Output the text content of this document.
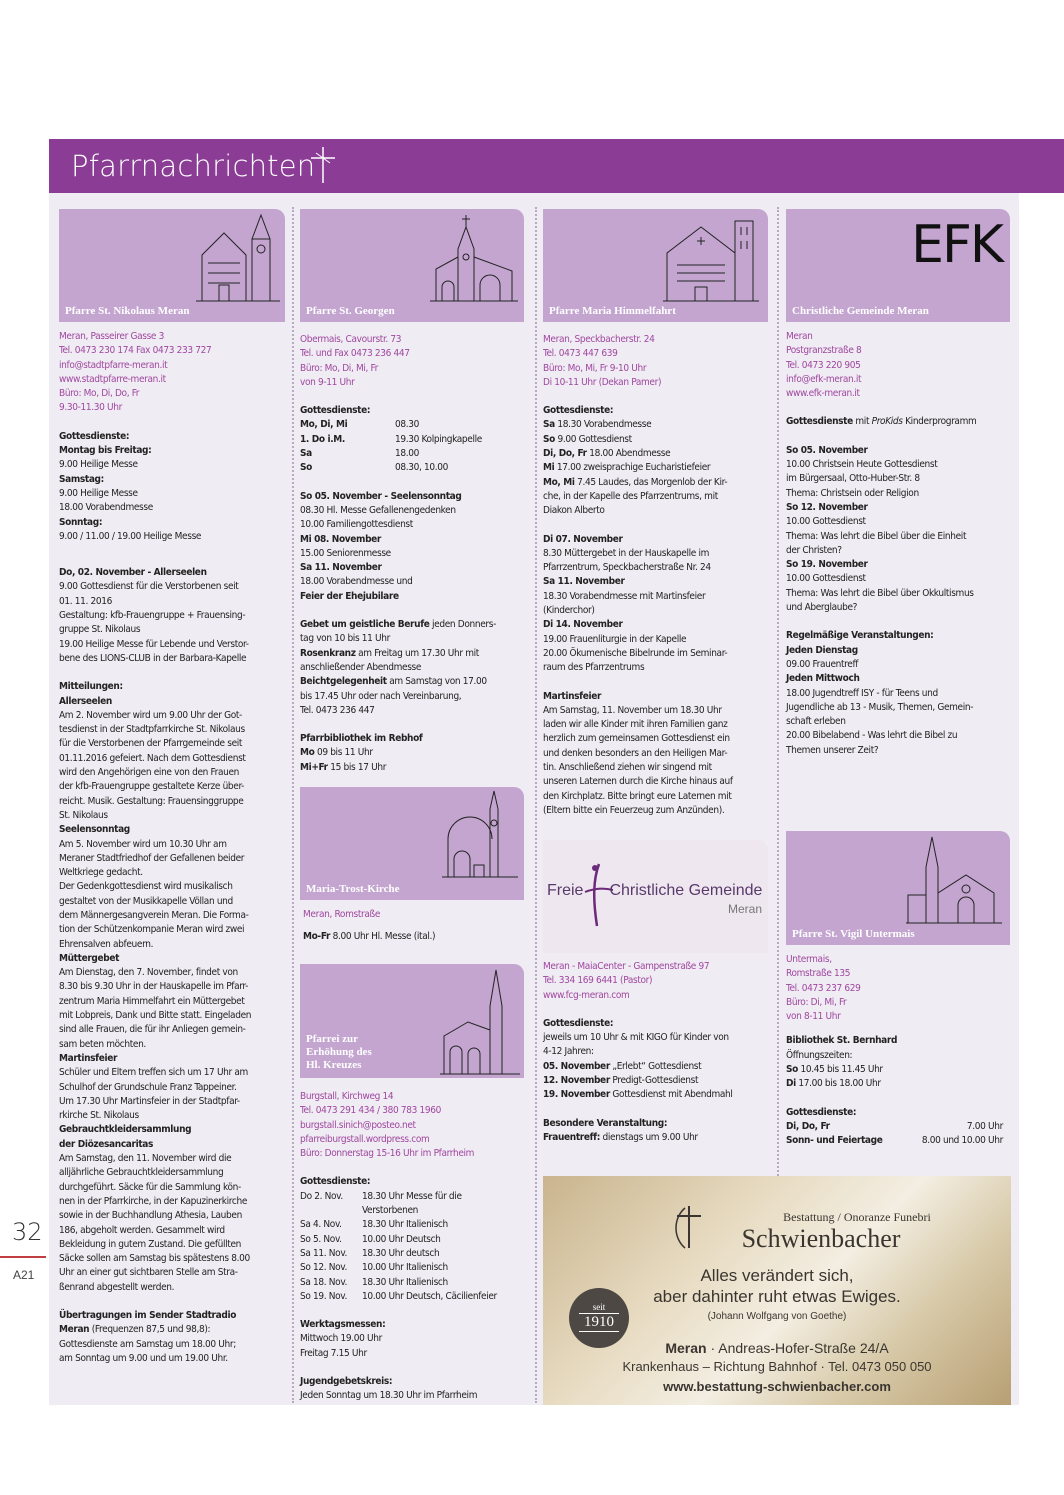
Pfarrnachrichten
Pfarre St. Nikolaus Meran
Meran, Passeirer Gasse 3
Tel. 0473 230 174 Fax 0473 233 727
info@stadtpfarre-meran.it
www.stadtpfarre-meran.it
Büro: Mo, Di, Do, Fr
9.30-11.30 Uhr
Gottesdienste:
Montag bis Freitag:
9.00 Heilige Messe
Samstag:
9.00 Heilige Messe
18.00 Vorabendmesse
Sonntag:
9.00 / 11.00 / 19.00 Heilige Messe
Do, 02. November - Allerseelen
9.00 Gottesdienst für die Verstorbenen seit
01. 11. 2016
Gestaltung: kfb-Frauengruppe + Frauensing-
gruppe St. Nikolaus
19.00 Heilige Messe für Lebende und Verstor-
bene des LIONS-CLUB in der Barbara-Kapelle
Mitteilungen:
Allerseelen
Am 2. November wird um 9.00 Uhr der Got-
tesdienst in der Stadtpfarrkirche St. Nikolaus
für die Verstorbenen der Pfarrgemeinde seit
01.11.2016 gefeiert. Nach dem Gottesdienst
wird den Angehörigen eine von den Frauen
der kfb-Frauengruppe gestaltete Kerze über-
reicht. Musik. Gestaltung: Frauensinggruppe
St. Nikolaus
Seelensonntag
Am 5. November wird um 10.30 Uhr am
Meraner Stadtfriedhof der Gefallenen beider
Weltkriege gedacht.
Der Gedenkgottesdienst wird musikalisch
gestaltet von der Musikkapelle Völlan und
dem Männergesangverein Meran. Die Forma-
tion der Schützenkompanie Meran wird zwei
Ehrensalven abfeuern.
Müttergebet
Am Dienstag, den 7. November, findet von
8.30 bis 9.30 Uhr in der Hauskapelle im Pfarr-
zentrum Maria Himmelfahrt ein Müttergebet
mit Lobpreis, Dank und Bitte statt. Eingeladen
sind alle Frauen, die für ihr Anliegen gemein-
sam beten möchten.
Martinsfeier
Schüler und Eltern treffen sich um 17 Uhr am
Schulhof der Grundschule Franz Tappeiner.
Um 17.30 Uhr Martinsfeier in der Stadtpfar-
rkirche St. Nikolaus
Gebrauchtkleidersammlung
der Diözesancaritas
Am Samstag, den 11. November wird die
alljährliche Gebrauchtkleidersammlung
durchgeführt. Säcke für die Sammlung kön-
nen in der Pfarrkirche, in der Kapuzinerkirche
sowie in der Buchhandlung Athesia, Lauben
186, abgeholt werden. Gesammelt wird
Bekleidung in gutem Zustand. Die gefüllten
Säcke sollen am Samstag bis spätestens 8.00
Uhr an einer gut sichtbaren Stelle am Stra-
ßenrand abgestellt werden.
Übertragungen im Sender Stadtradio
Meran (Frequenzen 87,5 und 98,8):
Gottesdienste am Samstag um 18.00 Uhr;
am Sonntag um 9.00 und um 19.00 Uhr.
Pfarre St. Georgen
Obermais, Cavourstr. 73
Tel. und Fax 0473 236 447
Büro: Mo, Di, Mi, Fr
von 9-11 Uhr
Gottesdienste:
Mo, Di, Mi	08.30
1. Do i.M.	19.30 Kolpingkapelle
Sa	18.00
So	08.30, 10.00
So 05. November - Seelensonntag
08.30 Hl. Messe Gefallenengedenken
10.00 Familiengottesdienst
Mi 08. November
15.00 Seniorenmesse
Sa 11. November
18.00 Vorabendmesse und
Feier der Ehejubilare
Gebet um geistliche Berufe jeden Donners-
tag von 10 bis 11 Uhr
Rosenkranz am Freitag um 17.30 Uhr mit
anschließender Abendmesse
Beichtgelegenheit am Samstag von 17.00
bis 17.45 Uhr oder nach Vereinbarung,
Tel. 0473 236 447
Pfarrbibliothek im Rebhof
Mo 09 bis 11 Uhr
Mi+Fr 15 bis 17 Uhr
Maria-Trost-Kirche
Meran, Romstraße
Mo-Fr 8.00 Uhr Hl. Messe (ital.)
Pfarrei zur
Erhöhung des
Hl. Kreuzes
Burgstall, Kirchweg 14
Tel. 0473 291 434 / 380 783 1960
burgstall.sinich@posteo.net
pfarreiburgstall.wordpress.com
Büro: Donnerstag 15-16 Uhr im Pfarrheim
Gottesdienste:
Do 2. Nov.	18.30 Uhr Messe für die
Verstorbenen
Sa 4. Nov.	18.30 Uhr Italienisch
So 5. Nov.	10.00 Uhr Deutsch
Sa 11. Nov.	18.30 Uhr deutsch
So 12. Nov.	10.00 Uhr Italienisch
Sa 18. Nov.	18.30 Uhr Italienisch
So 19. Nov.	10.00 Uhr Deutsch, Cäcilienfeier
Werktagsmessen:
Mittwoch 19.00 Uhr
Freitag 7.15 Uhr
Jugendgebetskreis:
Jeden Sonntag um 18.30 Uhr im Pfarrheim
Pfarre Maria Himmelfahrt
Meran, Speckbacherstr. 24
Tel. 0473 447 639
Büro: Mo, Mi, Fr 9-10 Uhr
Di 10-11 Uhr (Dekan Pamer)
Gottesdienste:
Sa 18.30 Vorabendmesse
So 9.00 Gottesdienst
Di, Do, Fr 18.00 Abendmesse
Mi 17.00 zweisprachige Eucharistiefeier
Mo, Mi 7.45 Laudes, das Morgenlob der Kir-
che, in der Kapelle des Pfarrzentrums, mit
Diakon Alberto
Di 07. November
8.30 Müttergebet in der Hauskapelle im
Pfarrzentrum, Speckbacherstraße Nr. 24
Sa 11. November
18.30 Vorabendmesse mit Martinsfeier
(Kinderchor)
Di 14. November
19.00 Frauenliturgie in der Kapelle
20.00 Ökumenische Bibelrunde im Seminar-
raum des Pfarrzentrums
Martinsfeier
Am Samstag, 11. November um 18.30 Uhr
laden wir alle Kinder mit ihren Familien ganz
herzlich zum gemeinsamen Gottesdienst ein
und denken besonders an den Heiligen Mar-
tin. Anschließend ziehen wir singend mit
unseren Laternen durch die Kirche hinaus auf
den Kirchplatz. Bitte bringt eure Laternen mit
(Eltern bitte ein Feuerzeug zum Anzünden).
Freie Christliche Gemeinde
Meran
Meran - MaiaCenter - Gampenstraße 97
Tel. 334 169 6441 (Pastor)
www.fcg-meran.com
Gottesdienste:
jeweils um 10 Uhr & mit KIGO für Kinder von
4-12 Jahren:
05. November „Erlebt“ Gottesdienst
12. November Predigt-Gottesdienst
19. November Gottesdienst mit Abendmahl
Besondere Veranstaltung:
Frauentreff: dienstags um 9.00 Uhr
EFK
Christliche Gemeinde Meran
Meran
Postgranzstraße 8
Tel. 0473 220 905
info@efk-meran.it
www.efk-meran.it
Gottesdienste mit ProKids Kinderprogramm
So 05. November
10.00 Christsein Heute Gottesdienst
im Bürgersaal, Otto-Huber-Str. 8
Thema: Christsein oder Religion
So 12. November
10.00 Gottesdienst
Thema: Was lehrt die Bibel über die Einheit
der Christen?
So 19. November
10.00 Gottesdienst
Thema: Was lehrt die Bibel über Okkultismus
und Aberglaube?
Regelmäßige Veranstaltungen:
Jeden Dienstag
09.00 Frauentreff
Jeden Mittwoch
18.00 Jugendtreff ISY - für Teens und
Jugendliche ab 13 - Musik, Themen, Gemein-
schaft erleben
20.00 Bibelabend - Was lehrt die Bibel zu
Themen unserer Zeit?
Pfarre St. Vigil Untermais
Untermais,
Romstraße 135
Tel. 0473 237 629
Büro: Di, Mi, Fr
von 8-11 Uhr
Bibliothek St. Bernhard
Öffnungszeiten:
So 10.45 bis 11.45 Uhr
Di 17.00 bis 18.00 Uhr
Gottesdienste:
Di, Do, Fr	7.00 Uhr
Sonn- und Feiertage	8.00 und 10.00 Uhr
Bestattung / Onoranze Funebri
Schwienbacher
Alles verändert sich,
aber dahinter ruht etwas Ewiges.
(Johann Wolfgang von Goethe)
seit
1910
Meran · Andreas-Hofer-Straße 24/A
Krankenhaus – Richtung Bahnhof · Tel. 0473 050 050
www.bestattung-schwienbacher.com
32
A21
